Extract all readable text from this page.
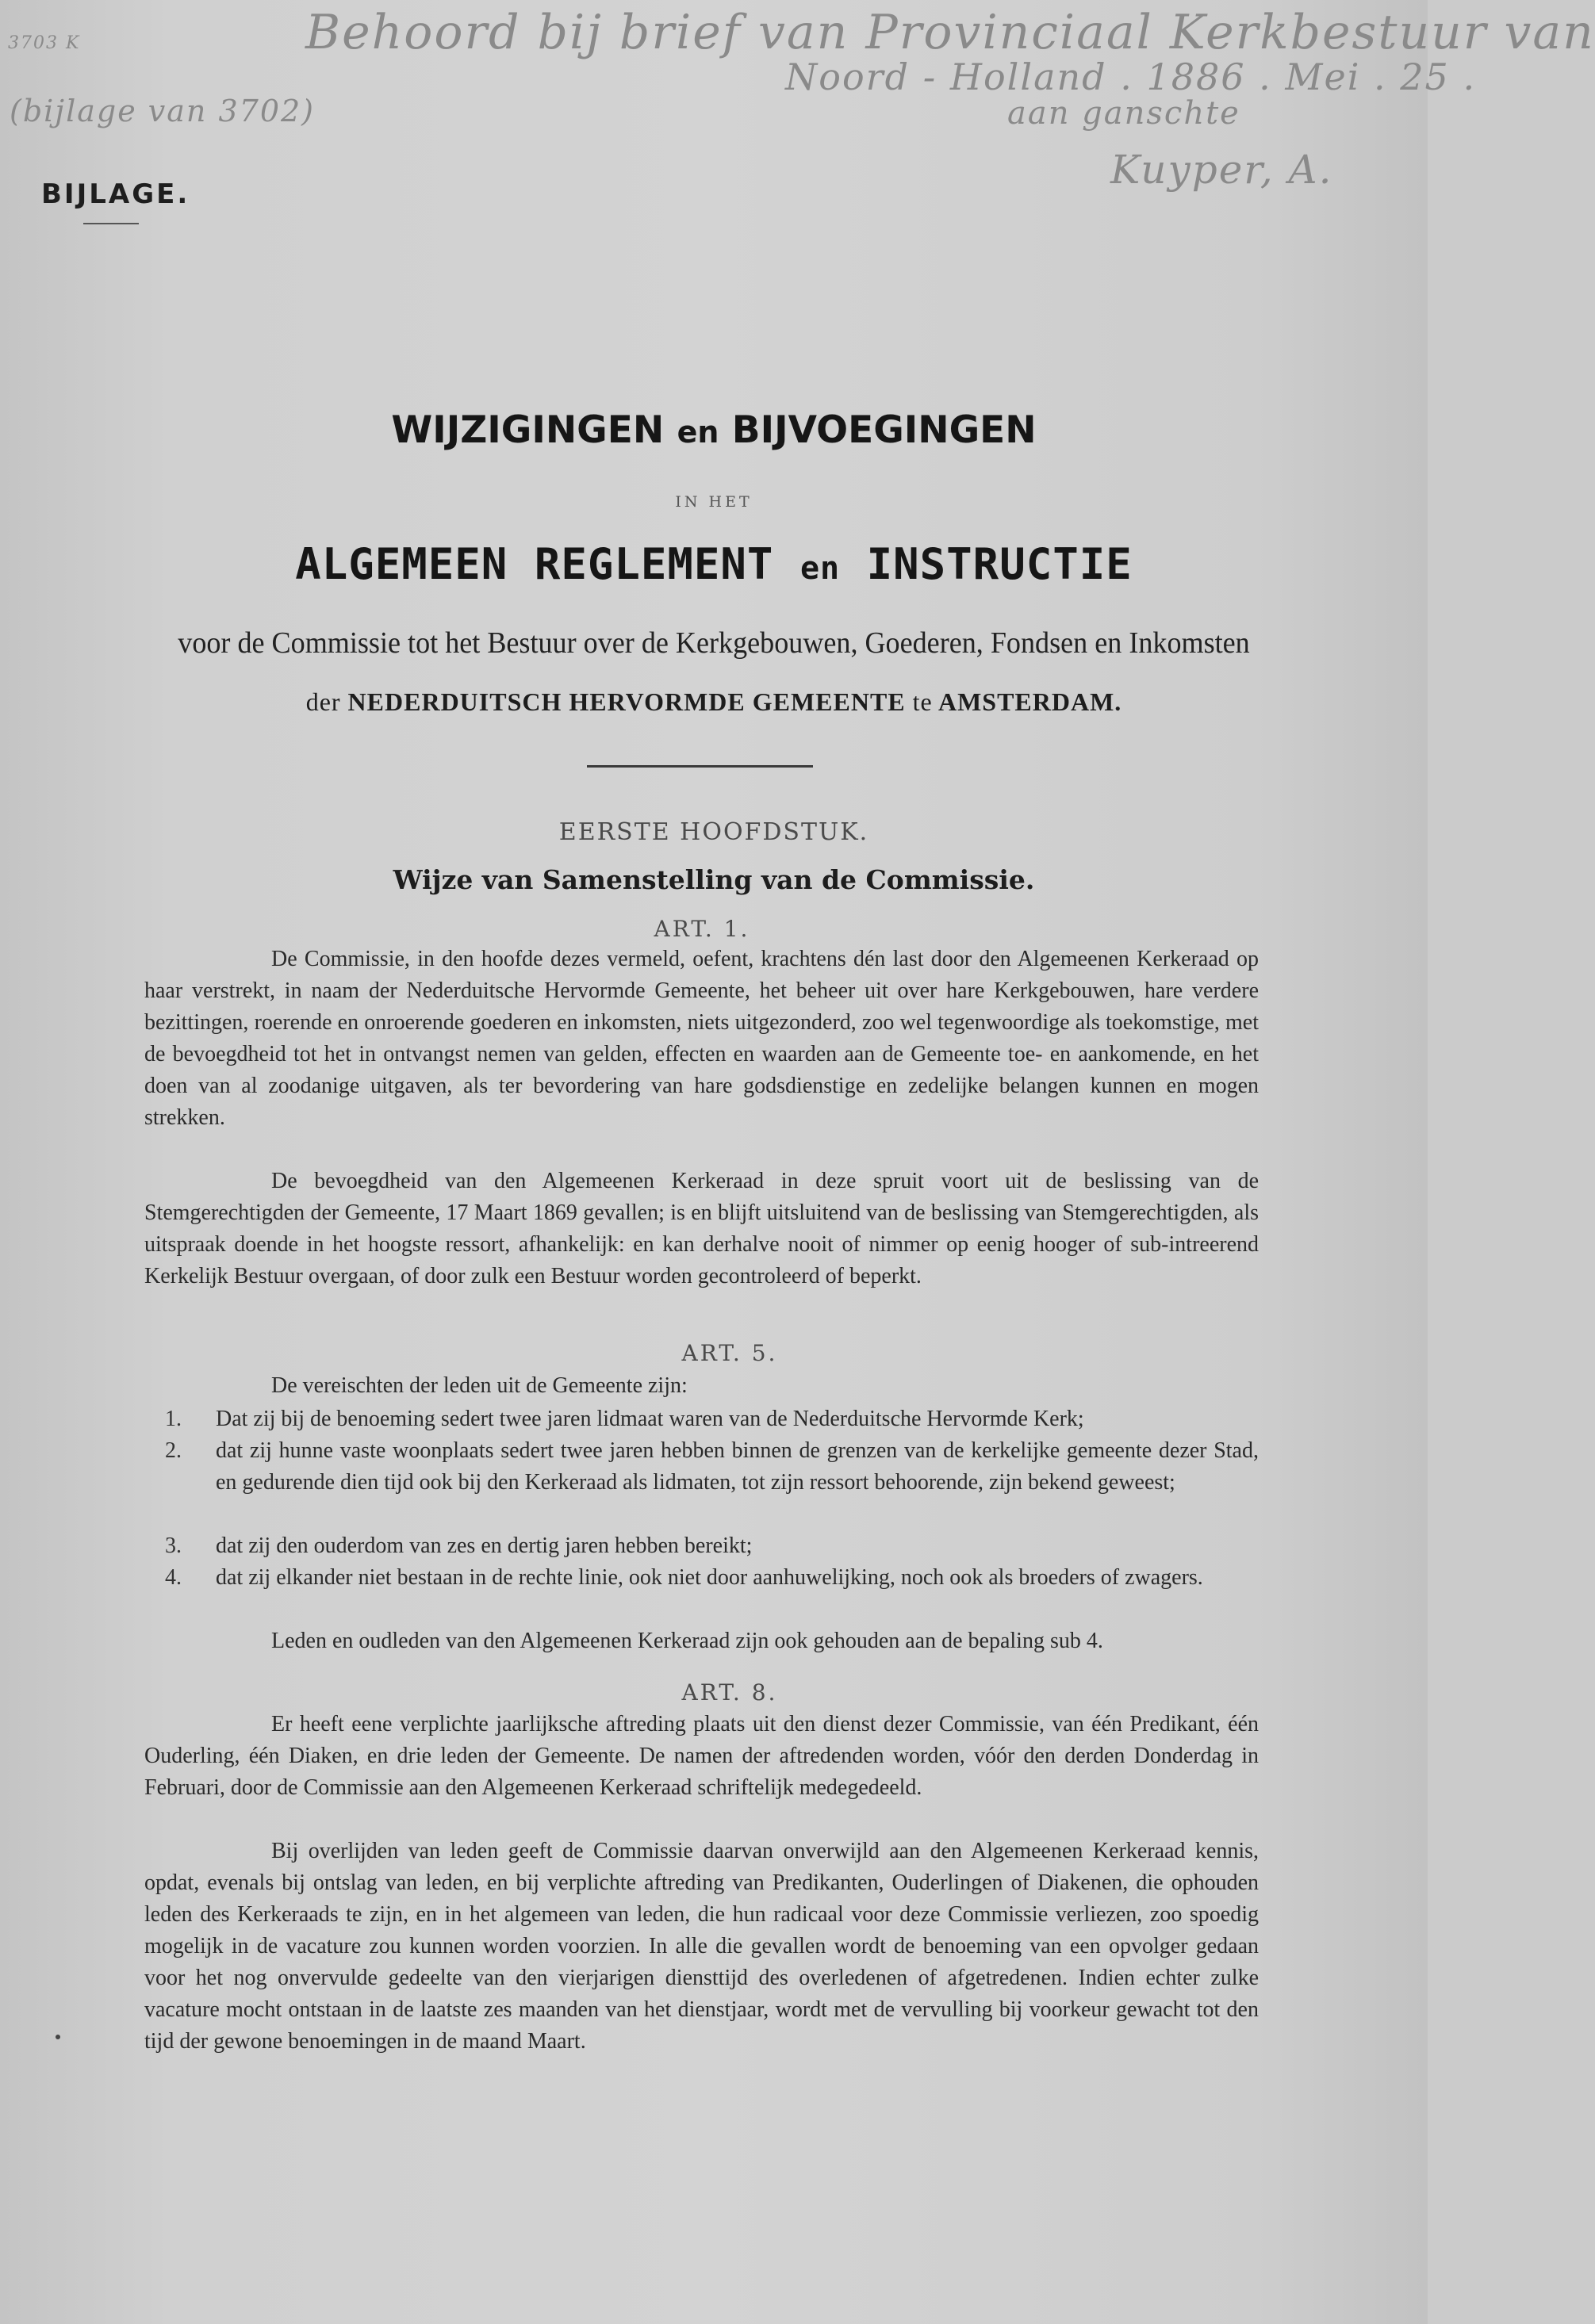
Behoord bij brief van Provinciaal Kerkbestuur van
Noord - Holland . 1886 . Mei . 25 .
aan ganschte
Kuyper, A.
3703 K
(bijlage van 3702)
BIJLAGE.
WIJZIGINGEN en BIJVOEGINGEN
IN HET
ALGEMEEN REGLEMENT en INSTRUCTIE
voor de Commissie tot het Bestuur over de Kerkgebouwen, Goederen, Fondsen en Inkomsten
der NEDERDUITSCH HERVORMDE GEMEENTE te AMSTERDAM.
EERSTE HOOFDSTUK.
Wijze van Samenstelling van de Commissie.
ART. 1.
De Commissie, in den hoofde dezes vermeld, oefent, krachtens dén last door den Algemeenen Kerkeraad op haar verstrekt, in naam der Nederduitsche Hervormde Gemeente, het beheer uit over hare Kerkgebouwen, hare verdere bezittingen, roerende en onroerende goederen en inkomsten, niets uitgezonderd, zoo wel tegenwoordige als toekomstige, met de bevoegdheid tot het in ontvangst nemen van gelden, effecten en waarden aan de Gemeente toe- en aankomende, en het doen van al zoodanige uitgaven, als ter bevordering van hare godsdienstige en zedelijke belangen kunnen en mogen strekken.
De bevoegdheid van den Algemeenen Kerkeraad in deze spruit voort uit de beslissing van de Stemgerechtigden der Gemeente, 17 Maart 1869 gevallen; is en blijft uitsluitend van de beslissing van Stemgerechtigden, als uitspraak doende in het hoogste ressort, afhankelijk: en kan derhalve nooit of nimmer op eenig hooger of sub-intreerend Kerkelijk Bestuur overgaan, of door zulk een Bestuur worden gecontroleerd of beperkt.
ART. 5.
De vereischten der leden uit de Gemeente zijn:
1. Dat zij bij de benoeming sedert twee jaren lidmaat waren van de Nederduitsche Hervormde Kerk;
2. dat zij hunne vaste woonplaats sedert twee jaren hebben binnen de grenzen van de kerkelijke gemeente dezer Stad, en gedurende dien tijd ook bij den Kerkeraad als lidmaten, tot zijn ressort behoorende, zijn bekend geweest;
3. dat zij den ouderdom van zes en dertig jaren hebben bereikt;
4. dat zij elkander niet bestaan in de rechte linie, ook niet door aanhuwelijking, noch ook als broeders of zwagers.
Leden en oudleden van den Algemeenen Kerkeraad zijn ook gehouden aan de bepaling sub 4.
ART. 8.
Er heeft eene verplichte jaarlijksche aftreding plaats uit den dienst dezer Commissie, van één Predikant, één Ouderling, één Diaken, en drie leden der Gemeente. De namen der aftredenden worden, vóór den derden Donderdag in Februari, door de Commissie aan den Algemeenen Kerkeraad schriftelijk medegedeeld.
Bij overlijden van leden geeft de Commissie daarvan onverwijld aan den Algemeenen Kerkeraad kennis, opdat, evenals bij ontslag van leden, en bij verplichte aftreding van Predikanten, Ouderlingen of Diakenen, die ophouden leden des Kerkeraads te zijn, en in het algemeen van leden, die hun radicaal voor deze Commissie verliezen, zoo spoedig mogelijk in de vacature zou kunnen worden voorzien. In alle die gevallen wordt de benoeming van een opvolger gedaan voor het nog onvervulde gedeelte van den vierjarigen diensttijd des overledenen of afgetredenen. Indien echter zulke vacature mocht ontstaan in de laatste zes maanden van het dienstjaar, wordt met de vervulling bij voorkeur gewacht tot den tijd der gewone benoemingen in de maand Maart.
